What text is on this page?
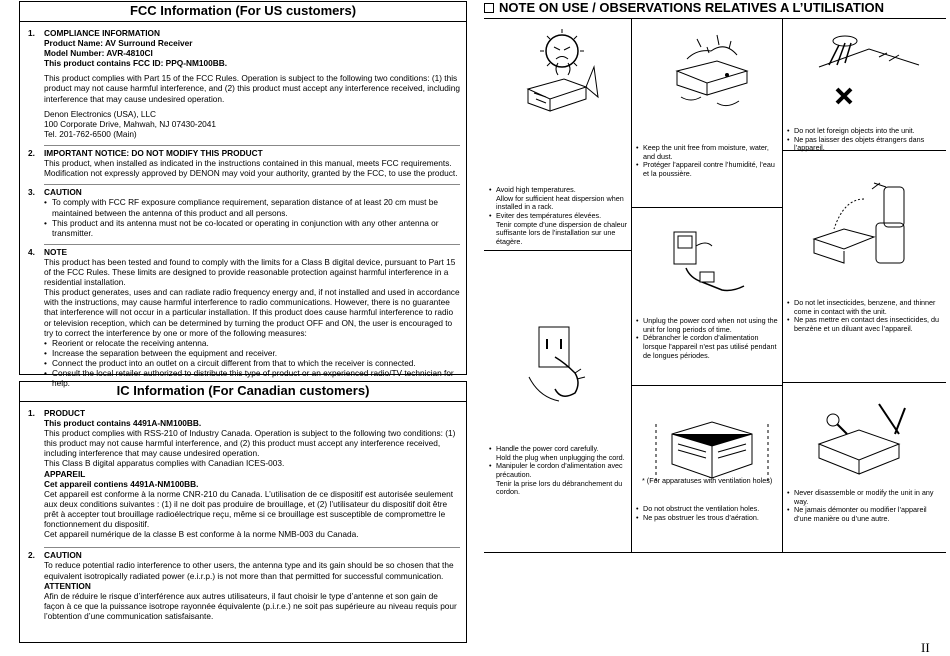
FCC Information (For US customers)
1. COMPLIANCE INFORMATION

Product Name: AV Surround Receiver

Model Number: AVR-4810CI

This product contains FCC ID: PPQ-NM100BB.

This product complies with Part 15 of the FCC Rules. Operation is subject to the following two conditions: (1) this product may not cause harmful interference, and (2) this product must accept any interference received, including interference that may cause undesired operation.

Denon Electronics (USA), LLC

100 Corporate Drive, Mahwah, NJ 07430-2041

Tel. 201-762-6500 (Main)

2. IMPORTANT NOTICE: DO NOT MODIFY THIS PRODUCT

This product, when installed as indicated in the instructions contained in this manual, meets FCC requirements. Modification not expressly approved by DENON may void your authority, granted by the FCC, to use the product.

3. CAUTION

• To comply with FCC RF exposure compliance requirement, separation distance of at least 20 cm must be maintained between the antenna of this product and all persons.

• This product and its antenna must not be co-located or operating in conjunction with any other antenna or transmitter.

4. NOTE

This product has been tested and found to comply with the limits for a Class B digital device, pursuant to Part 15 of the FCC Rules. These limits are designed to provide reasonable protection against harmful interference in a residential installation.

This product generates, uses and can radiate radio frequency energy and, if not installed and used in accordance with the instructions, may cause harmful interference to radio communications. However, there is no guarantee that interference will not occur in a particular installation. If this product does cause harmful interference to radio or television reception, which can be determined by turning the product OFF and ON, the user is encouraged to try to correct the interference by one or more of the following measures:

• Reorient or relocate the receiving antenna.

• Increase the separation between the equipment and receiver.

• Connect the product into an outlet on a circuit different from that to which the receiver is connected.

• Consult the local retailer authorized to distribute this type of product or an experienced radio/TV technician for help.	IC Information (For Canadian customers)
1. PRODUCT

This product contains 4491A-NM100BB.

This product complies with RSS-210 of Industry Canada. Operation is subject to the following two conditions: (1) this product may not cause harmful interference, and (2) this product must accept any interference received, including interference that may cause undesired operation.

This Class B digital apparatus complies with Canadian ICES-003.

APPAREIL

Cet appareil contiens 4491A-NM100BB.

Cet appareil est conforme à la norme CNR-210 du Canada. L’utilisation de ce dispositif est autorisée seulement aux deux conditions suivantes : (1) il ne doit pas produire de brouillage, et (2) l’utilisateur du dispositif doit être prêt à accepter tout brouillage radioélectrique reçu, même si ce brouillage est susceptible de compromettre le fonctionnement du dispositif.

Cet appareil numérique de la classe B est conforme à la norme NMB-003 du Canada.

2. CAUTION

To reduce potential radio interference to other users, the antenna type and its gain should be so chosen that the equivalent isotropically radiated power (e.i.r.p.) is not more than that permitted for successful communication.

ATTENTION

Afin de réduire le risque d’interférence aux autres utilisateurs, il faut choisir le type d’antenne et son gain de façon à ce que la puissance isotrope rayonnée équivalente (p.i.r.e.) ne soit pas supérieure au niveau requis pour l’obtention d’une communication satisfaisante.

NOTE ON USE / OBSERVATIONS RELATIVES A L’UTILISATION

• Avoid high temperatures.
Allow for sufficient heat dispersion when installed in a rack.

• Eviter des températures élevées.
Tenir compte d’une dispersion de chaleur suffisante lors de l’installation sur une étagère.

• Keep the unit free from moisture, water, and dust.

• Protéger l’appareil contre l’humidité, l’eau et la poussière.

• Do not let foreign objects into the unit.

• Ne pas laisser des objets étrangers dans l’appareil.

• Handle the power cord carefully.
Hold the plug when unplugging the cord.

• Manipuler le cordon d’alimentation avec précaution.
Tenir la prise lors du débranchement du cordon.

• Unplug the power cord when not using the unit for long periods of time.

• Débrancher le cordon d’alimentation lorsque l’appareil n’est pas utilisé pendant de longues périodes.

• Do not let insecticides, benzene, and thinner come in contact with the unit.

• Ne pas mettre en contact des insecticides, du benzène et un diluant avec l’appareil.

* (For apparatuses with ventilation holes)

• Do not obstruct the ventilation holes.

• Ne pas obstruer les trous d’aération.

• Never disassemble or modify the unit in any way.

• Ne jamais démonter ou modifier l’appareil d’une manière ou d’une autre.

II
